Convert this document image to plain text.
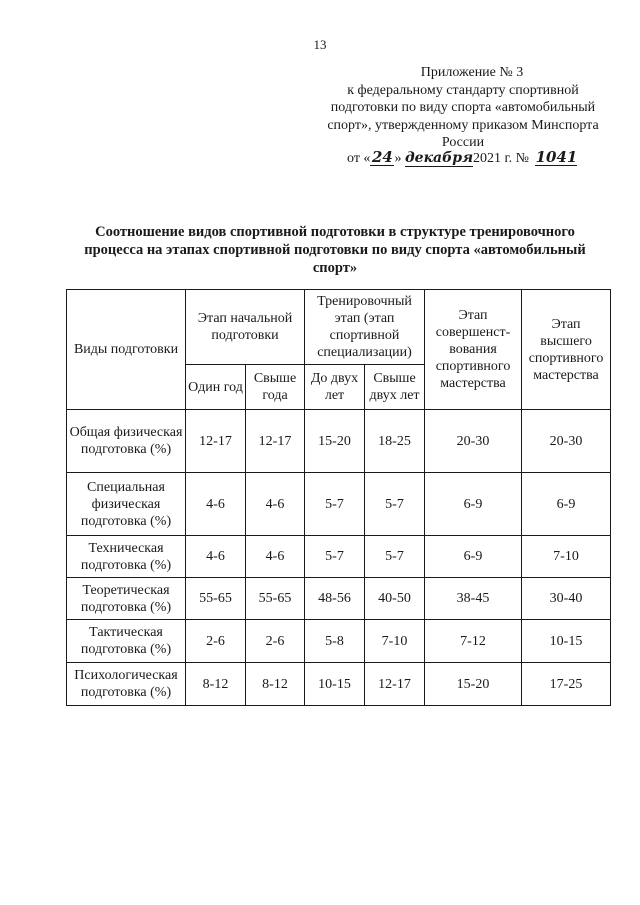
13
Приложение № 3
к федеральному стандарту спортивной
подготовки по виду спорта «автомобильный
спорт», утвержденному приказом Минспорта
России
от « 24 » декабря2021 г. № 1041
Соотношение видов спортивной подготовки в структуре тренировочного процесса на этапах спортивной подготовки по виду спорта «автомобильный спорт»
Виды подготовки	Этап начальной подготовки		Тренировочный этап (этап спортивной специализации)		Этап совершенст-вования спортивного мастерства	Этап высшего спортивного мастерства
	Один год	Свыше года	До двух лет	Свыше двух лет		
Общая физическая подготовка (%)	12-17	12-17	15-20	18-25	20-30	20-30
Специальная физическая подготовка (%)	4-6	4-6	5-7	5-7	6-9	6-9
Техническая подготовка (%)	4-6	4-6	5-7	5-7	6-9	7-10
Теоретическая подготовка (%)	55-65	55-65	48-56	40-50	38-45	30-40
Тактическая подготовка (%)	2-6	2-6	5-8	7-10	7-12	10-15
Психологическая подготовка (%)	8-12	8-12	10-15	12-17	15-20	17-25
